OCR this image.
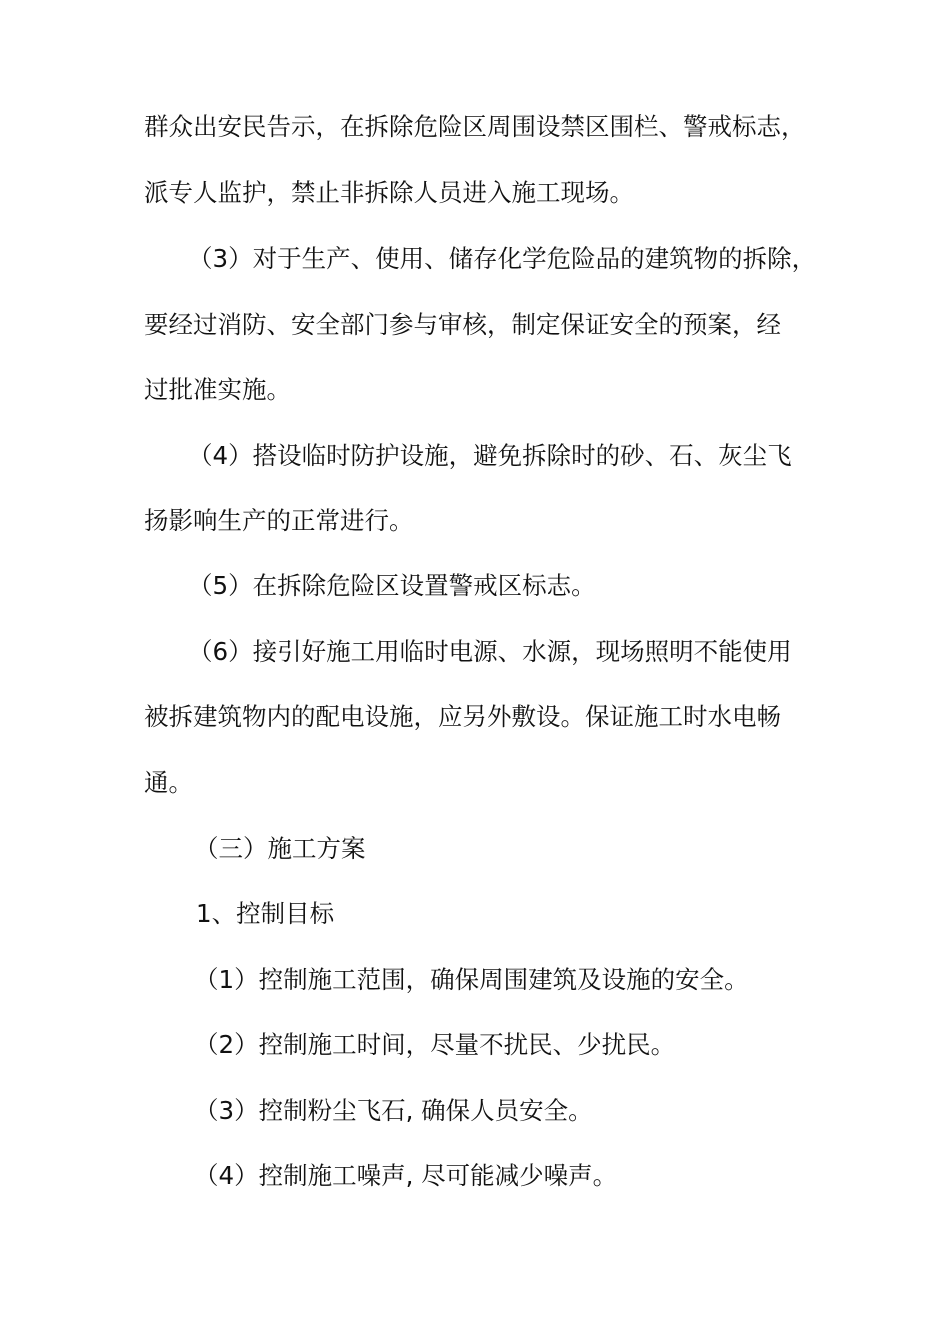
群众出安民告示，在拆除危险区周围设禁区围栏、警戒标志，
派专人监护，禁止非拆除人员进入施工现场。
（3）对于生产、使用、储存化学危险品的建筑物的拆除，
要经过消防、安全部门参与审核，制定保证安全的预案，经
过批准实施。
（4）搭设临时防护设施，避免拆除时的砂、石、灰尘飞
扬影响生产的正常进行。
（5）在拆除危险区设置警戒区标志。
（6）接引好施工用临时电源、水源，现场照明不能使用
被拆建筑物内的配电设施，应另外敷设。保证施工时水电畅
通。
（三）施工方案
1、控制目标
（1）控制施工范围，确保周围建筑及设施的安全。
（2）控制施工时间，尽量不扰民、少扰民。
（3）控制粉尘飞石, 确保人员安全。
（4）控制施工噪声, 尽可能减少噪声。
